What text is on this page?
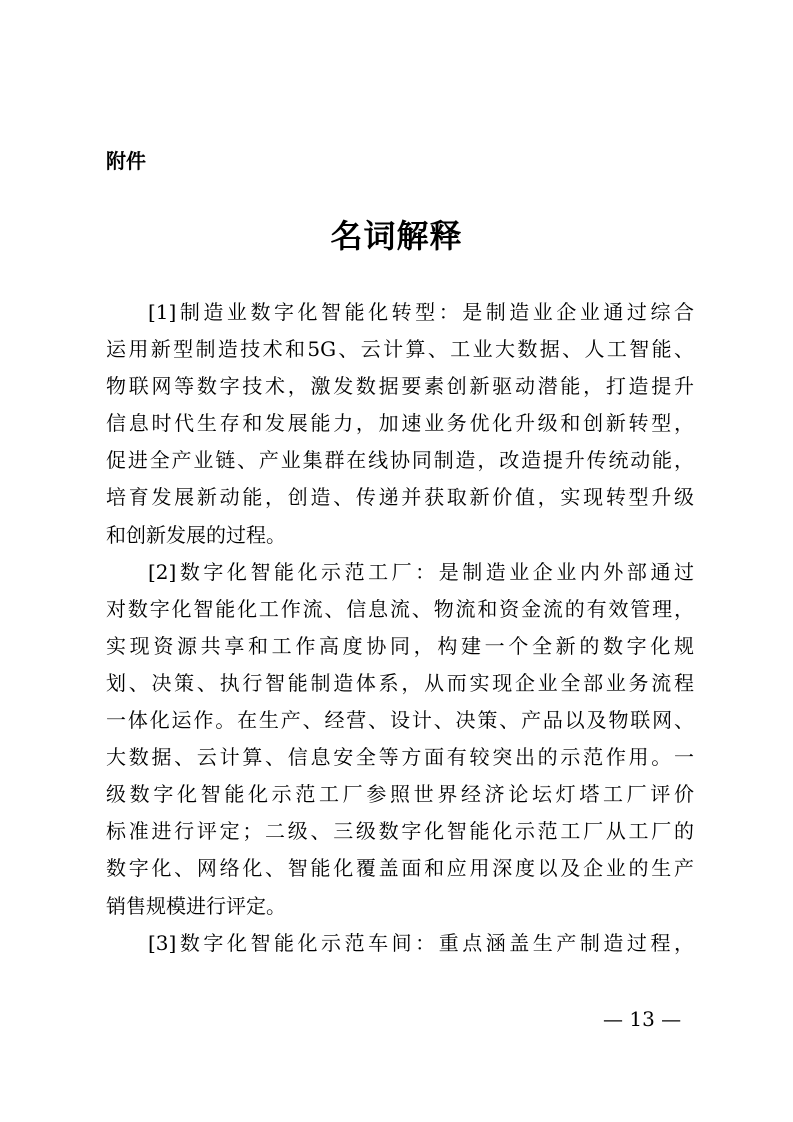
附件
名词解释
[1]制造业数字化智能化转型：是制造业企业通过综合
运用新型制造技术和5G、云计算、工业大数据、人工智能、
物联网等数字技术，激发数据要素创新驱动潜能，打造提升
信息时代生存和发展能力，加速业务优化升级和创新转型，
促进全产业链、产业集群在线协同制造，改造提升传统动能，
培育发展新动能，创造、传递并获取新价值，实现转型升级
和创新发展的过程。
[2]数字化智能化示范工厂：是制造业企业内外部通过
对数字化智能化工作流、信息流、物流和资金流的有效管理，
实现资源共享和工作高度协同，构建一个全新的数字化规
划、决策、执行智能制造体系，从而实现企业全部业务流程
一体化运作。在生产、经营、设计、决策、产品以及物联网、
大数据、云计算、信息安全等方面有较突出的示范作用。一
级数字化智能化示范工厂参照世界经济论坛灯塔工厂评价
标准进行评定；二级、三级数字化智能化示范工厂从工厂的
数字化、网络化、智能化覆盖面和应用深度以及企业的生产
销售规模进行评定。
[3]数字化智能化示范车间：重点涵盖生产制造过程，
— 13 —
